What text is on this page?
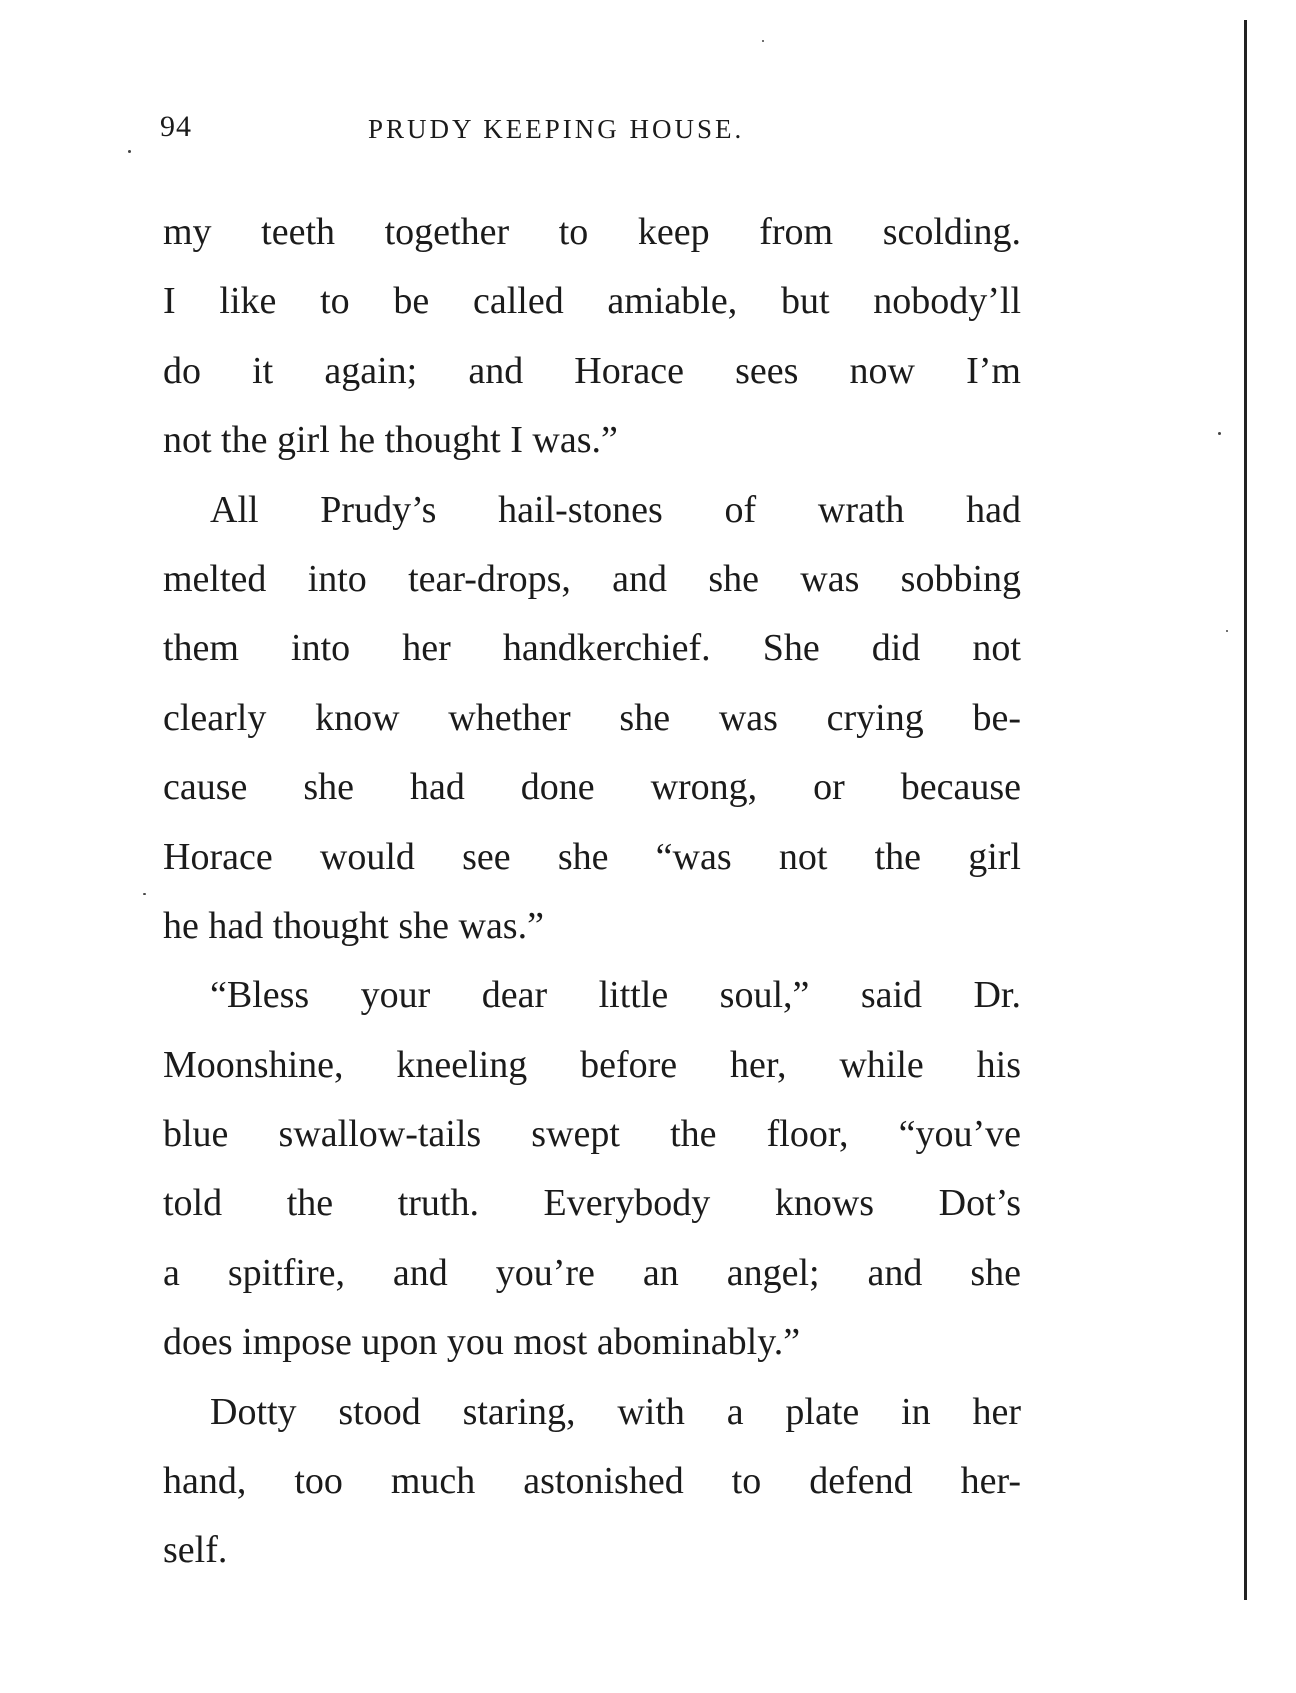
94	PRUDY KEEPING HOUSE.
my teeth together to keep from scolding.
I like to be called amiable, but nobody’ll
do it again; and Horace sees now I’m
not the girl he thought I was.”
All Prudy’s hail-stones of wrath had
melted into tear-drops, and she was sobbing
them into her handkerchief. She did not
clearly know whether she was crying be-
cause she had done wrong, or because
Horace would see she “was not the girl
he had thought she was.”
“Bless your dear little soul,” said Dr.
Moonshine, kneeling before her, while his
blue swallow-tails swept the floor, “you’ve
told the truth. Everybody knows Dot’s
a spitfire, and you’re an angel; and she
does impose upon you most abominably.”
Dotty stood staring, with a plate in her
hand, too much astonished to defend her-
self.
